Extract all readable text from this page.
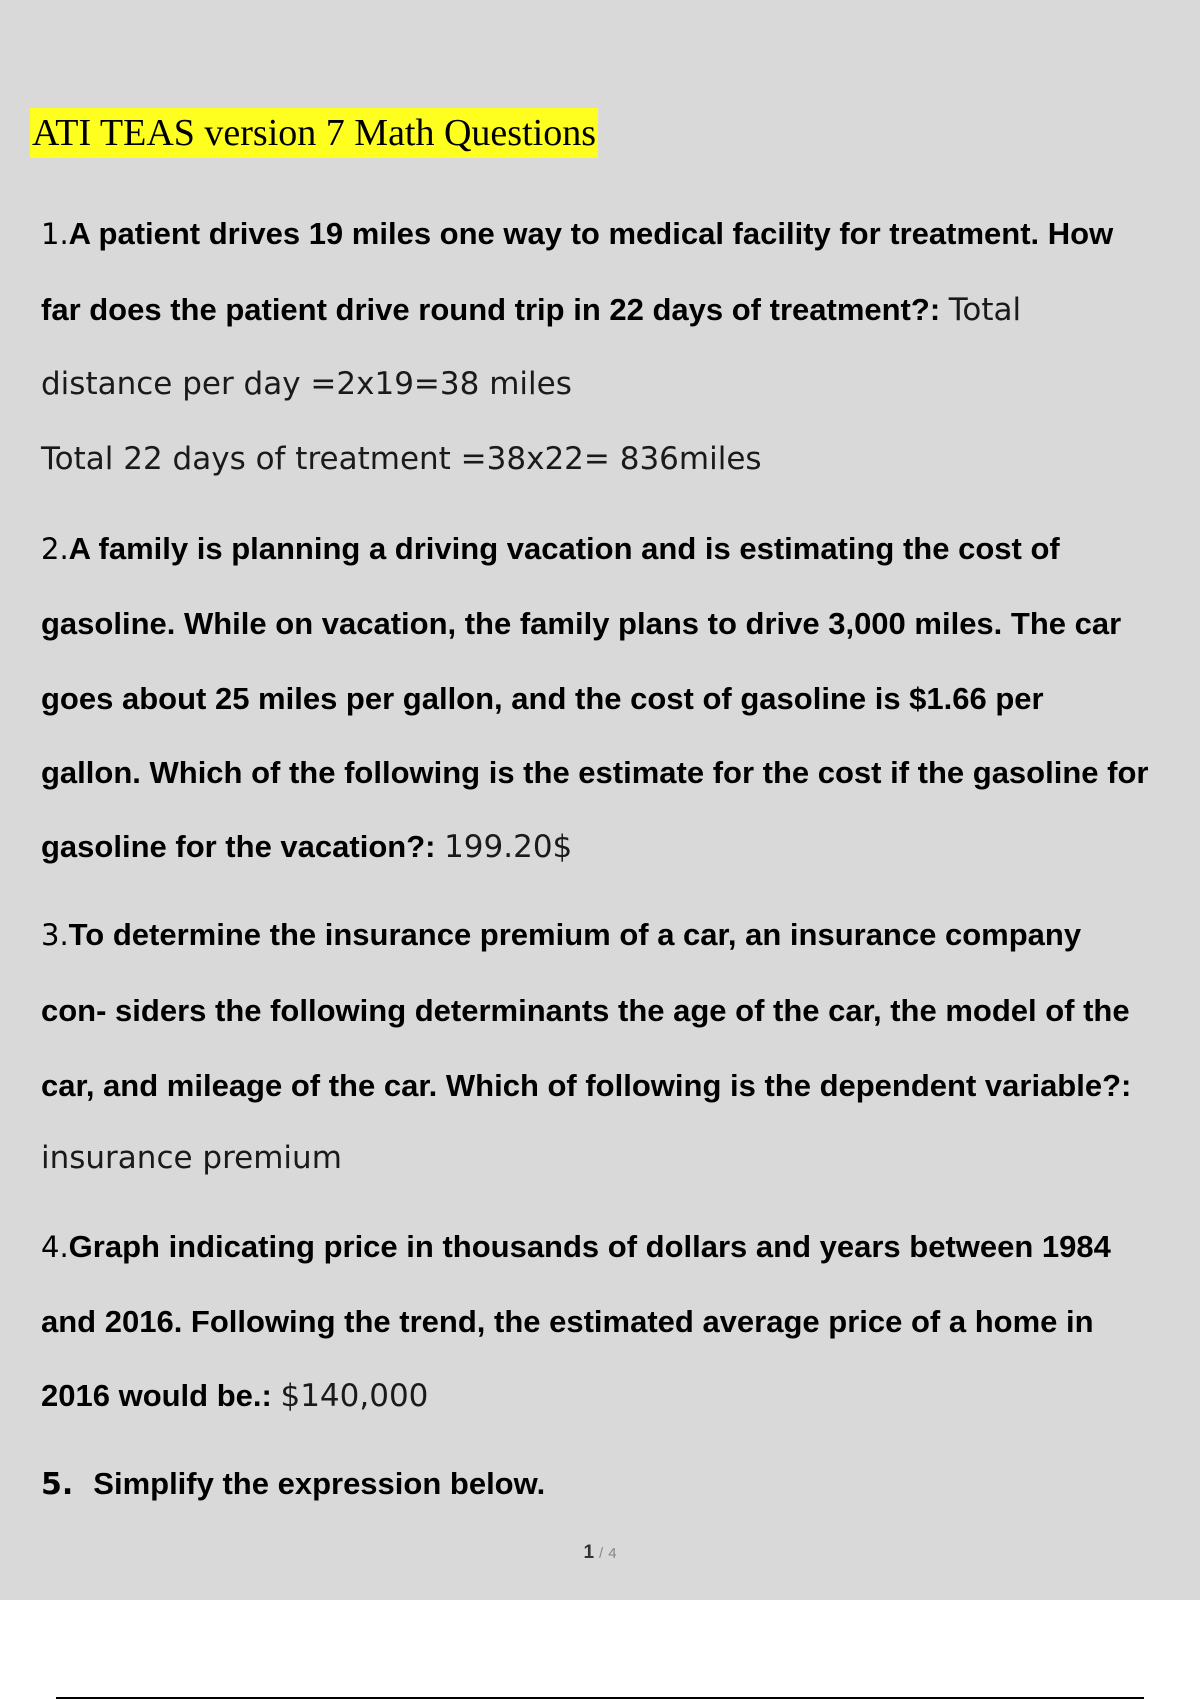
ATI TEAS version 7 Math Questions
1.A patient drives 19 miles one way to medical facility for treatment. How
far does the patient drive round trip in 22 days of treatment?: Total
distance per day =2x19=38 miles
Total 22 days of treatment =38x22= 836miles
2.A family is planning a driving vacation and is estimating the cost of
gasoline. While on vacation, the family plans to drive 3,000 miles. The car
goes about 25 miles per gallon, and the cost of gasoline is $1.66 per
gallon. Which of the following is the estimate for the cost if the gasoline for
gasoline for the vacation?: 199.20$
3.To determine the insurance premium of a car, an insurance company
con- siders the following determinants the age of the car, the model of the
car, and mileage of the car. Which of following is the dependent variable?:
insurance premium
4.Graph indicating price in thousands of dollars and years between 1984
and 2016. Following the trend, the estimated average price of a home in
2016 would be.: $140,000
5. Simplify the expression below.
1 / 4
